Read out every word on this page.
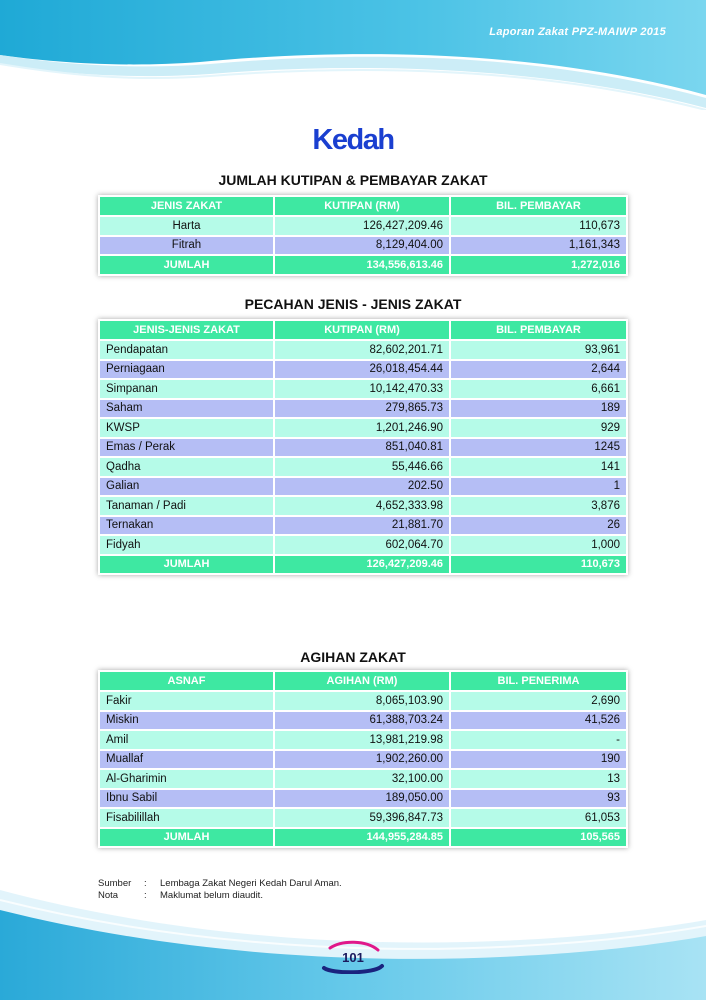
Laporan Zakat PPZ-MAIWP 2015
Kedah
JUMLAH KUTIPAN & PEMBAYAR ZAKAT
JENIS ZAKAT	KUTIPAN (RM)	BIL. PEMBAYAR
Harta	126,427,209.46	110,673
Fitrah	8,129,404.00	1,161,343
JUMLAH	134,556,613.46	1,272,016
PECAHAN JENIS - JENIS ZAKAT
JENIS-JENIS ZAKAT	KUTIPAN (RM)	BIL. PEMBAYAR
Pendapatan	82,602,201.71	93,961
Perniagaan	26,018,454.44	2,644
Simpanan	10,142,470.33	6,661
Saham	279,865.73	189
KWSP	1,201,246.90	929
Emas / Perak	851,040.81	1245
Qadha	55,446.66	141
Galian	202.50	1
Tanaman / Padi	4,652,333.98	3,876
Ternakan	21,881.70	26
Fidyah	602,064.70	1,000
JUMLAH	126,427,209.46	110,673
AGIHAN ZAKAT
ASNAF	AGIHAN (RM)	BIL. PENERIMA
Fakir	8,065,103.90	2,690
Miskin	61,388,703.24	41,526
Amil	13,981,219.98	-
Muallaf	1,902,260.00	190
Al-Gharimin	32,100.00	13
Ibnu Sabil	189,050.00	93
Fisabilillah	59,396,847.73	61,053
JUMLAH	144,955,284.85	105,565
Sumber : Lembaga Zakat Negeri Kedah Darul Aman.
Nota	: Maklumat belum diaudit.
101
